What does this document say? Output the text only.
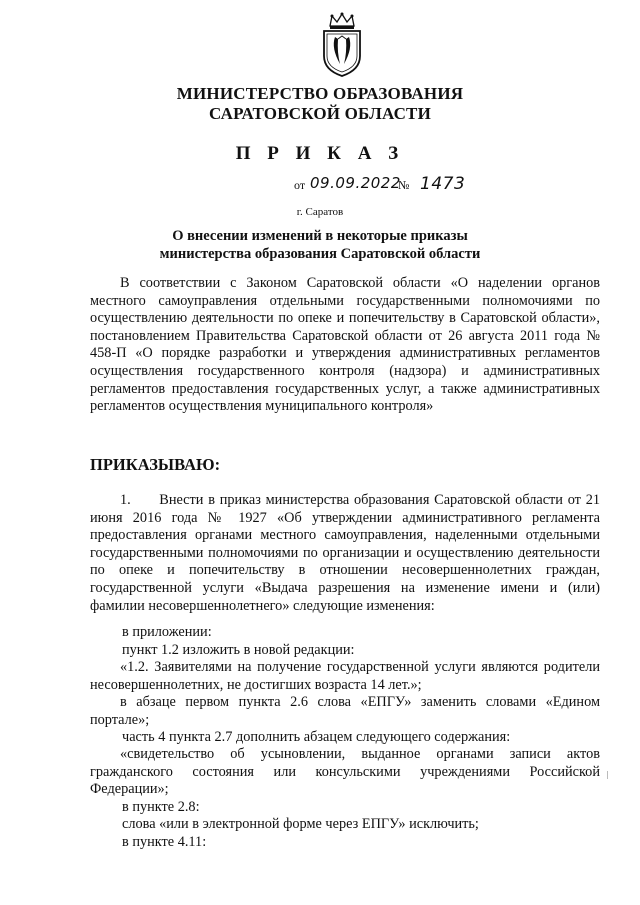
МИНИСТЕРСТВО ОБРАЗОВАНИЯ
САРАТОВСКОЙ ОБЛАСТИ
П Р И К А З
от 09.09.2022
№ 1473
г. Саратов
О внесении изменений в некоторые приказы
министерства образования Саратовской области
В соответствии с Законом Саратовской области «О наделении органов местного самоуправления отдельными государственными полномочиями по осуществлению деятельности по опеке и попечительству в Саратовской области», постановлением Правительства Саратовской области от 26 августа 2011 года № 458-П «О порядке разработки и утверждения административных регламентов осуществления государственного контроля (надзора) и административных регламентов предоставления государственных услуг, а также административных регламентов осуществления муниципального контроля»
ПРИКАЗЫВАЮ:
1.      Внести в приказ министерства образования Саратовской области от 21 июня 2016 года № 1927 «Об утверждении административного регламента предоставления органами местного самоуправления, наделенными отдельными государственными полномочиями по организации и осуществлению деятельности по опеке и попечительству в отношении несовершеннолетних граждан, государственной услуги «Выдача разрешения на изменение имени и (или) фамилии несовершеннолетнего» следующие изменения:
в приложении:
пункт 1.2 изложить в новой редакции:
«1.2. Заявителями на получение государственной услуги являются родители несовершеннолетних, не достигших возраста 14 лет.»;
в абзаце первом пункта 2.6 слова «ЕПГУ» заменить словами «Едином портале»;
часть 4 пункта 2.7 дополнить абзацем следующего содержания:
«свидетельство об усыновлении, выданное органами записи актов гражданского состояния или консульскими учреждениями Российской Федерации»;
в пункте 2.8:
слова «или в электронной форме через ЕПГУ» исключить;
в пункте 4.11:
